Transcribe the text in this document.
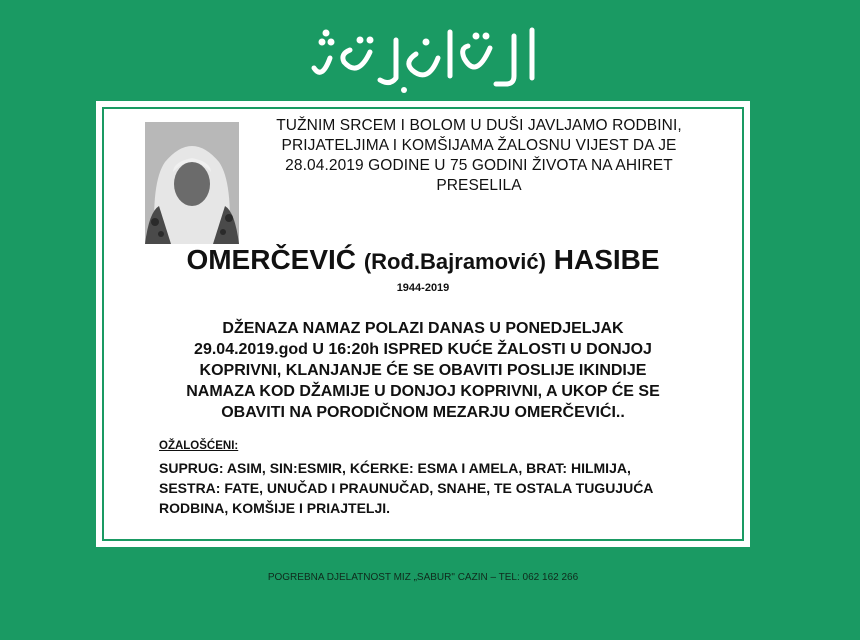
TUŽNIM SRCEM I BOLOM U DUŠI JAVLJAMO RODBINI,
PRIJATELJIMA I KOMŠIJAMA ŽALOSNU VIJEST DA JE
28.04.2019 GODINE U 75 GODINI ŽIVOTA NA AHIRET
PRESELILA
OMERČEVIĆ (Rođ.Bajramović) HASIBE
1944-2019
DŽENAZA NAMAZ POLAZI DANAS U PONEDJELJAK
29.04.2019.god U 16:20h ISPRED KUĆE ŽALOSTI U DONJOJ
KOPRIVNI, KLANJANJE ĆE SE OBAVITI POSLIJE IKINDIJE
NAMAZA KOD DŽAMIJE U DONJOJ KOPRIVNI, A UKOP ĆE SE
OBAVITI NA PORODIČNOM MEZARJU OMERČEVIĆI..
OŽALOŠĆENI:
SUPRUG: ASIM, SIN:ESMIR, KĆERKE: ESMA I AMELA, BRAT: HILMIJA,
SESTRA: FATE, UNUČAD I PRAUNUČAD, SNAHE, TE OSTALA TUGUJUĆA
RODBINA, KOMŠIJE I PRIAJTELJI.
POGREBNA DJELATNOST MIZ „SABUR" CAZIN – TEL: 062 162 266
